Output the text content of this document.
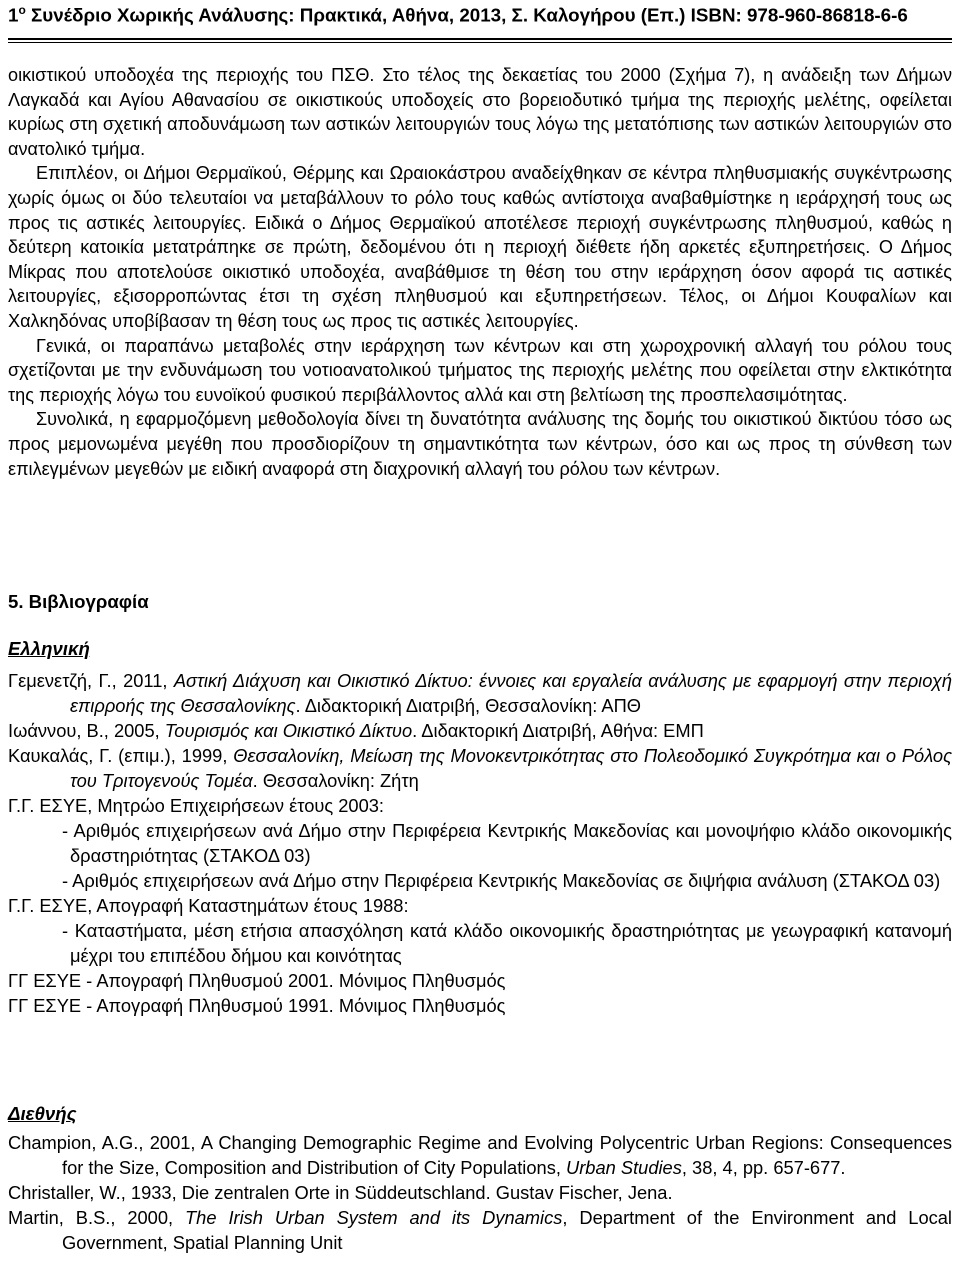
$1^o$ Συνέδριο Χωρικής Ανάλυσης: Πρακτικά, Αθήνα, 2013, Σ. Καλογήρου (Επ.) ISBN: 978-960-86818-6-6

οικιστικού υποδοχέα της περιοχής του ΠΣΘ. Στο τέλος της δεκαετίας του 2000 (Σχήμα 7), η ανάδειξη των Δήμων Λαγκαδά και Αγίου Αθανασίου σε οικιστικούς υποδοχείς στο βορειοδυτικό τμήμα της περιοχής μελέτης, οφείλεται κυρίως στη σχετική αποδυνάμωση των αστικών λειτουργιών τους λόγω της μετατόπισης των αστικών λειτουργιών στο ανατολικό τμήμα.

Επιπλέον, οι Δήμοι Θερμαϊκού, Θέρμης και Ωραιοκάστρου αναδείχθηκαν σε κέντρα πληθυσμιακής συγκέντρωσης χωρίς όμως οι δύο τελευταίοι να μεταβάλλουν το ρόλο τους καθώς αντίστοιχα αναβαθμίστηκε η ιεράρχησή τους ως προς τις αστικές λειτουργίες. Ειδικά ο Δήμος Θερμαϊκού αποτέλεσε περιοχή συγκέντρωσης πληθυσμού, καθώς η δεύτερη κατοικία μετατράπηκε σε πρώτη, δεδομένου ότι η περιοχή διέθετε ήδη αρκετές εξυπηρετήσεις. Ο Δήμος Μίκρας που αποτελούσε οικιστικό υποδοχέα, αναβάθμισε τη θέση του στην ιεράρχηση όσον αφορά τις αστικές λειτουργίες, εξισορροπώντας έτσι τη σχέση πληθυσμού και εξυπηρετήσεων. Τέλος, οι Δήμοι Κουφαλίων και Χαλκηδόνας υποβίβασαν τη θέση τους ως προς τις αστικές λειτουργίες.

Γενικά, οι παραπάνω μεταβολές στην ιεράρχηση των κέντρων και στη χωροχρονική αλλαγή του ρόλου τους σχετίζονται με την ενδυνάμωση του νοτιοανατολικού τμήματος της περιοχής μελέτης που οφείλεται στην ελκτικότητα της περιοχής λόγω του ευνοϊκού φυσικού περιβάλλοντος αλλά και στη βελτίωση της προσπελασιμότητας.

Συνολικά, η εφαρμοζόμενη μεθοδολογία δίνει τη δυνατότητα ανάλυσης της δομής του οικιστικού δικτύου τόσο ως προς μεμονωμένα μεγέθη που προσδιορίζουν τη σημαντικότητα των κέντρων, όσο και ως προς τη σύνθεση των επιλεγμένων μεγεθών με ειδική αναφορά στη διαχρονική αλλαγή του ρόλου των κέντρων.

5. Βιβλιογραφία
Ελληνική
Γεμενετζή, Γ., 2011, Αστική Διάχυση και Οικιστικό Δίκτυο: έννοιες και εργαλεία ανάλυσης με εφαρμογή στην περιοχή επιρροής της Θεσσαλονίκης. Διδακτορική Διατριβή, Θεσσαλονίκη: ΑΠΘ
Ιωάννου, Β., 2005, Τουρισμός και Οικιστικό Δίκτυο. Διδακτορική Διατριβή, Αθήνα: ΕΜΠ
Καυκαλάς, Γ. (επιμ.), 1999, Θεσσαλονίκη, Μείωση της Μονοκεντρικότητας στο Πολεοδομικό Συγκρότημα και ο Ρόλος του Τριτογενούς Τομέα. Θεσσαλονίκη: Ζήτη
Γ.Γ. ΕΣΥΕ, Μητρώο Επιχειρήσεων έτους 2003:
- Αριθμός επιχειρήσεων ανά Δήμο στην Περιφέρεια Κεντρικής Μακεδονίας και μονοψήφιο κλάδο οικονομικής δραστηριότητας (ΣΤΑΚΟΔ 03)
- Αριθμός επιχειρήσεων ανά Δήμο στην Περιφέρεια Κεντρικής Μακεδονίας σε διψήφια ανάλυση (ΣΤΑΚΟΔ 03)
Γ.Γ. ΕΣΥΕ, Απογραφή Καταστημάτων έτους 1988:
- Καταστήματα, μέση ετήσια απασχόληση κατά κλάδο οικονομικής δραστηριότητας με γεωγραφική κατανομή μέχρι του επιπέδου δήμου και κοινότητας
ΓΓ ΕΣΥΕ - Απογραφή Πληθυσμού 2001. Μόνιμος Πληθυσμός
ΓΓ ΕΣΥΕ - Απογραφή Πληθυσμού 1991. Μόνιμος Πληθυσμός
Διεθνής
Champion, A.G., 2001, A Changing Demographic Regime and Evolving Polycentric Urban Regions: Consequences for the Size, Composition and Distribution of City Populations, Urban Studies, 38, 4, pp. 657-677.
Christaller, W., 1933, Die zentralen Orte in Süddeutschland. Gustav Fischer, Jena.
Martin, B.S., 2000, The Irish Urban System and its Dynamics, Department of the Environment and Local Government, Spatial Planning Unit
